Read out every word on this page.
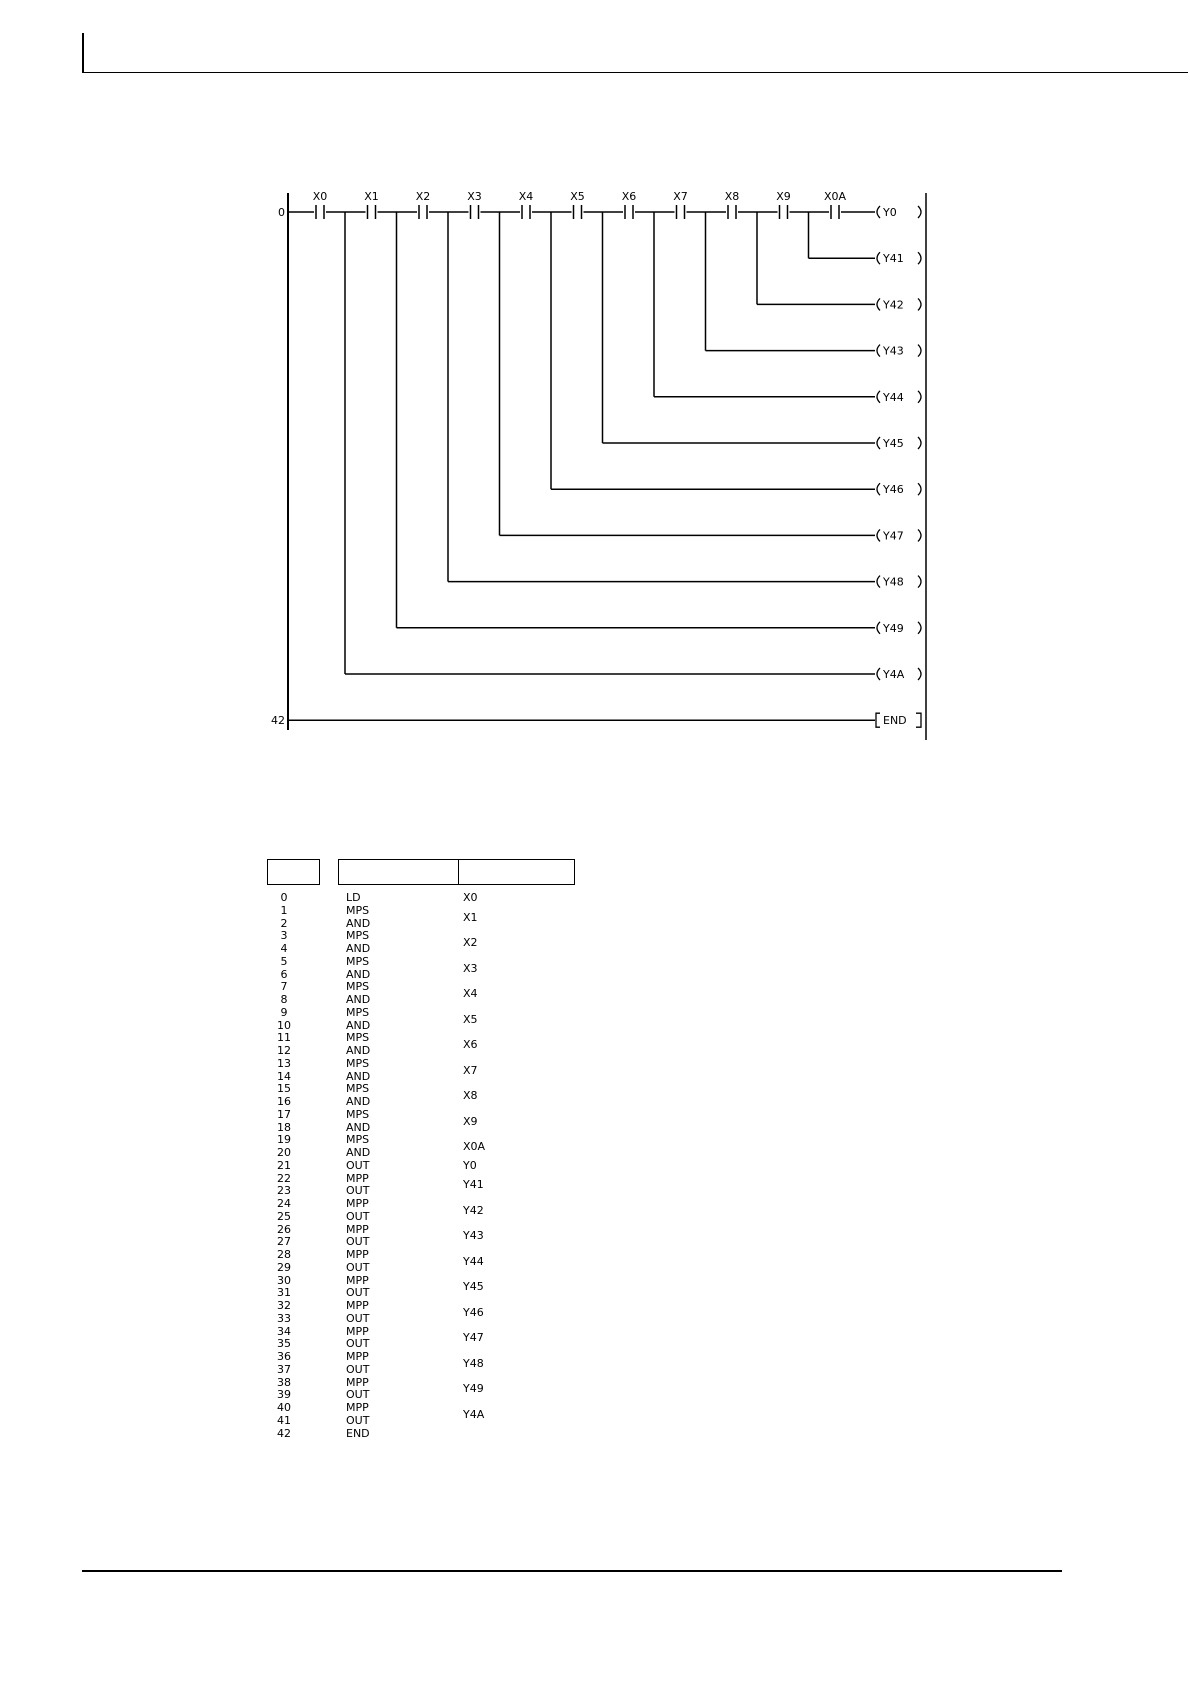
0
42
X0	X1	X2	X3	X4	X5	X6	X7	X8	X9	X0A
Y0
Y41
Y42
Y43
Y44
Y45
Y46
Y47
Y48
Y49
Y4A
END
0	LD	X0
1	MPS
2	AND	X1
3	MPS
4	AND	X2
5	MPS
6	AND	X3
7	MPS
8	AND	X4
9	MPS
10	AND	X5
11	MPS
12	AND	X6
13	MPS
14	AND	X7
15	MPS
16	AND	X8
17	MPS
18	AND	X9
19	MPS
20	AND	X0A
21	OUT	Y0
22	MPP
23	OUT	Y41
24	MPP
25	OUT	Y42
26	MPP
27	OUT	Y43
28	MPP
29	OUT	Y44
30	MPP
31	OUT	Y45
32	MPP
33	OUT	Y46
34	MPP
35	OUT	Y47
36	MPP
37	OUT	Y48
38	MPP
39	OUT	Y49
40	MPP
41	OUT	Y4A
42	END
